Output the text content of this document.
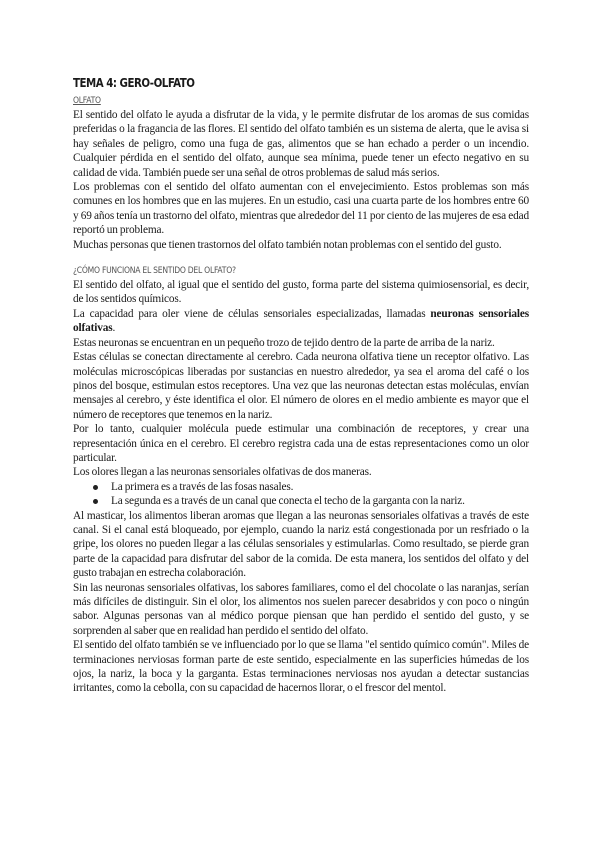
TEMA 4: GERO-OLFATO
OLFATO

El sentido del olfato le ayuda a disfrutar de la vida, y le permite disfrutar de los aromas de sus comidas preferidas o la fragancia de las flores. El sentido del olfato también es un sistema de alerta, que le avisa si hay señales de peligro, como una fuga de gas, alimentos que se han echado a perder o un incendio. Cualquier pérdida en el sentido del olfato, aunque sea mínima, puede tener un efecto negativo en su calidad de vida. También puede ser una señal de otros problemas de salud más serios.

Los problemas con el sentido del olfato aumentan con el envejecimiento. Estos problemas son más comunes en los hombres que en las mujeres. En un estudio, casi una cuarta parte de los hombres entre 60 y 69 años tenía un trastorno del olfato, mientras que alrededor del 11 por ciento de las mujeres de esa edad reportó un problema.

Muchas personas que tienen trastornos del olfato también notan problemas con el sentido del gusto.

¿CÓMO FUNCIONA EL SENTIDO DEL OLFATO?

El sentido del olfato, al igual que el sentido del gusto, forma parte del sistema quimiosensorial, es decir, de los sentidos químicos.

La capacidad para oler viene de células sensoriales especializadas, llamadas neuronas sensoriales olfativas.

Estas neuronas se encuentran en un pequeño trozo de tejido dentro de la parte de arriba de la nariz.

Estas células se conectan directamente al cerebro. Cada neurona olfativa tiene un receptor olfativo. Las moléculas microscópicas liberadas por sustancias en nuestro alrededor, ya sea el aroma del café o los pinos del bosque, estimulan estos receptores. Una vez que las neuronas detectan estas moléculas, envían mensajes al cerebro, y éste identifica el olor. El número de olores en el medio ambiente es mayor que el número de receptores que tenemos en la nariz.

Por lo tanto, cualquier molécula puede estimular una combinación de receptores, y crear una representación única en el cerebro. El cerebro registra cada una de estas representaciones como un olor particular.

Los olores llegan a las neuronas sensoriales olfativas de dos maneras.

La primera es a través de las fosas nasales.
La segunda es a través de un canal que conecta el techo de la garganta con la nariz.

Al masticar, los alimentos liberan aromas que llegan a las neuronas sensoriales olfativas a través de este canal. Si el canal está bloqueado, por ejemplo, cuando la nariz está congestionada por un resfriado o la gripe, los olores no pueden llegar a las células sensoriales y estimularlas. Como resultado, se pierde gran parte de la capacidad para disfrutar del sabor de la comida. De esta manera, los sentidos del olfato y del gusto trabajan en estrecha colaboración.

Sin las neuronas sensoriales olfativas, los sabores familiares, como el del chocolate o las naranjas, serían más difíciles de distinguir. Sin el olor, los alimentos nos suelen parecer desabridos y con poco o ningún sabor. Algunas personas van al médico porque piensan que han perdido el sentido del gusto, y se sorprenden al saber que en realidad han perdido el sentido del olfato.

El sentido del olfato también se ve influenciado por lo que se llama "el sentido químico común". Miles de terminaciones nerviosas forman parte de este sentido, especialmente en las superficies húmedas de los ojos, la nariz, la boca y la garganta. Estas terminaciones nerviosas nos ayudan a detectar sustancias irritantes, como la cebolla, con su capacidad de hacernos llorar, o el frescor del mentol.
